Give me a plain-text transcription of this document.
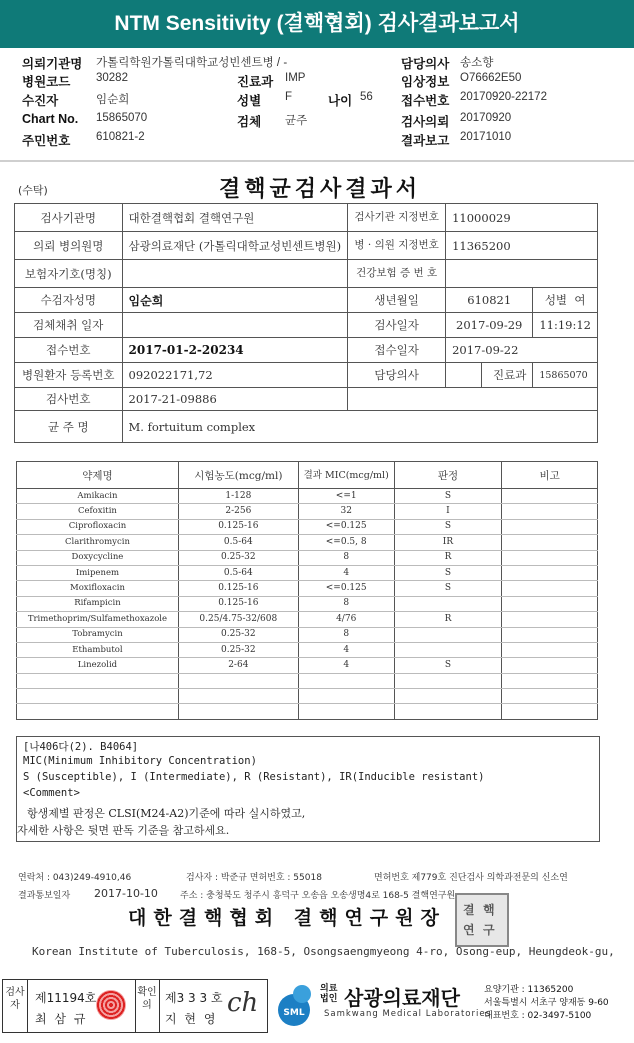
NTM Sensitivity (결핵협회) 검사결과보고서
의뢰기관명 가톨릭학원가톨릭대학교성빈센트병 / -	담당의사 송소향
병원코드 30282	진료과 IMP	임상정보 O76662E50
수진자	임순희	성별 F	나이 56 접수번호 20170920-22172
Chart No. 15865070	검체 균주	검사의뢰 20170920
주민번호 610821-2	결과보고 20171010
(수탁)	결핵균검사결과서
검사기관명	대한결핵협회 결핵연구원	검사기관 지정번호	11000029		
의뢰 병의원명	삼광의료재단 (가톨릭대학교성빈센트병원)	병 · 의원 지정번호	11365200		
보험자기호(명칭)		건강보험 증 번 호			
수검자성명	임순희	생년월일	610821		성별 여
검체채취 일자		검사일자	2017-09-29		11:19:12
접수번호	2017-01-2-20234	접수일자	2017-09-22		
병원환자 등록번호	092022171,72	담당의사		진료과	15865070
검사번호	2017-21-09886				
균 주 명	M. fortuitum complex				
약제명	시험농도(mcg/ml)	결과 MIC(mcg/ml)	판정	비고
Amikacin	1-128	<=1	S	
Cefoxitin	2-256	32	I	
Ciprofloxacin	0.125-16	<=0.125	S	
Clarithromycin	0.5-64	<=0.5, 8	IR	
Doxycycline	0.25-32	8	R	
Imipenem	0.5-64	4	S	
Moxifloxacin	0.125-16	<=0.125	S	
Rifampicin	0.125-16	8		
Trimethoprim/Sulfamethoxazole	0.25/4.75-32/608	4/76	R	
Tobramycin	0.25-32	8		
Ethambutol	0.25-32	4		
Linezolid	2-64	4	S	

[나406다(2). B4064]
MIC(Minimum Inhibitory Concentration)
S (Susceptible), I (Intermediate), R (Resistant), IR(Inducible resistant)
<Comment>
항생제별 판정은 CLSI(M24-A2)기준에 따라 실시하였고,
자세한 사항은 뒷면 판독 기준을 참고하세요.
연락처 : 043)249-4910,46	검사자 : 박준규 면허번호 : 55018	면허번호 제779호 진단검사 의학과전문의 신소연
결과통보일자 2017-10-10 주소 : 충청북도 청주시 흥덕구 오송읍 오송생명4로 168-5 결핵연구원
대한결핵협회 결핵연구원장 결 핵
연 구
Korean Institute of Tuberculosis, 168-5, Osongsaengmyeong 4-ro, Osong-eup, Heungdeok-gu,
검사자
제11194호
최 삼 규
확인의
제3 3 3 호
지 현 영
ch	SML
의료법인 삼광의료재단
Samkwang Medical Laboratories
요양기관 : 11365200
서울특별시 서초구 양재동 9-60
대표번호 : 02-3497-5100
